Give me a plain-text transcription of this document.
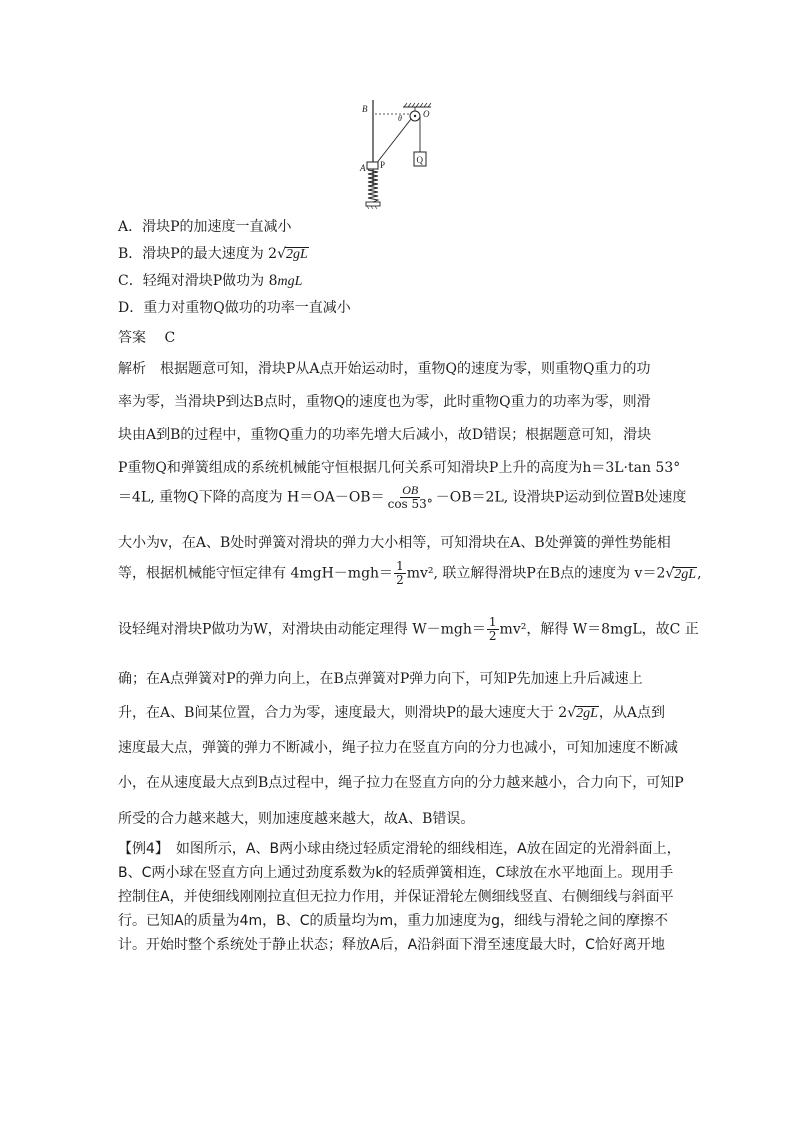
B
θ O
A P	Q
A．滑块P的加速度一直减小
B．滑块P的最大速度为 2√2gL
C．轻绳对滑块P做功为 8mgL
D．重力对重物Q做功的功率一直减小
答案　 C
解析　根据题意可知，滑块P从A点开始运动时，重物Q的速度为零，则重物Q重力的功
率为零，当滑块P到达B点时，重物Q的速度也为零，此时重物Q重力的功率为零，则滑
块由A到B的过程中，重物Q重力的功率先增大后减小，故D错误；根据题意可知，滑块
P重物Q和弹簧组成的系统机械能守恒根据几何关系可知滑块P上升的高度为h＝3L·tan 53°
＝4L, 重物Q下降的高度为 $H=OA-OB= \frac{OB}{\cos 53^\circ} -OB=2L$, 设滑块P运动到位置B处速度
大小为v，在A、B处时弹簧对滑块的弹力大小相等，可知滑块在A、B处弹簧的弹性势能相
等，根据机械能守恒定律有 $4mgH-mgh= \frac{1}{2} mv^2$, 联立解得滑块P在B点的速度为 v＝2√2gL,
设轻绳对滑块P做功为W，对滑块由动能定理得 $W-mgh= \frac{1}{2} mv^2$，解得 W＝8mgL，故C 正
确；在A点弹簧对P的弹力向上，在B点弹簧对P弹力向下，可知P先加速上升后减速上
升，在A、B间某位置，合力为零，速度最大，则滑块P的最大速度大于 2√2gL，从A点到
速度最大点，弹簧的弹力不断减小，绳子拉力在竖直方向的分力也减小，可知加速度不断减
小，在从速度最大点到B点过程中，绳子拉力在竖直方向的分力越来越小，合力向下，可知P
所受的合力越来越大，则加速度越来越大，故A、B错误。
【例4】　如图所示，A、B两小球由绕过轻质定滑轮的细线相连，A放在固定的光滑斜面上，
B、C两小球在竖直方向上通过劲度系数为k的轻质弹簧相连，C球放在水平地面上。现用手
控制住A，并使细线刚刚拉直但无拉力作用，并保证滑轮左侧细线竖直、右侧细线与斜面平
行。已知A的质量为4m，B、C的质量均为m，重力加速度为g，细线与滑轮之间的摩擦不
计。开始时整个系统处于静止状态；释放A后，A沿斜面下滑至速度最大时，C恰好离开地
